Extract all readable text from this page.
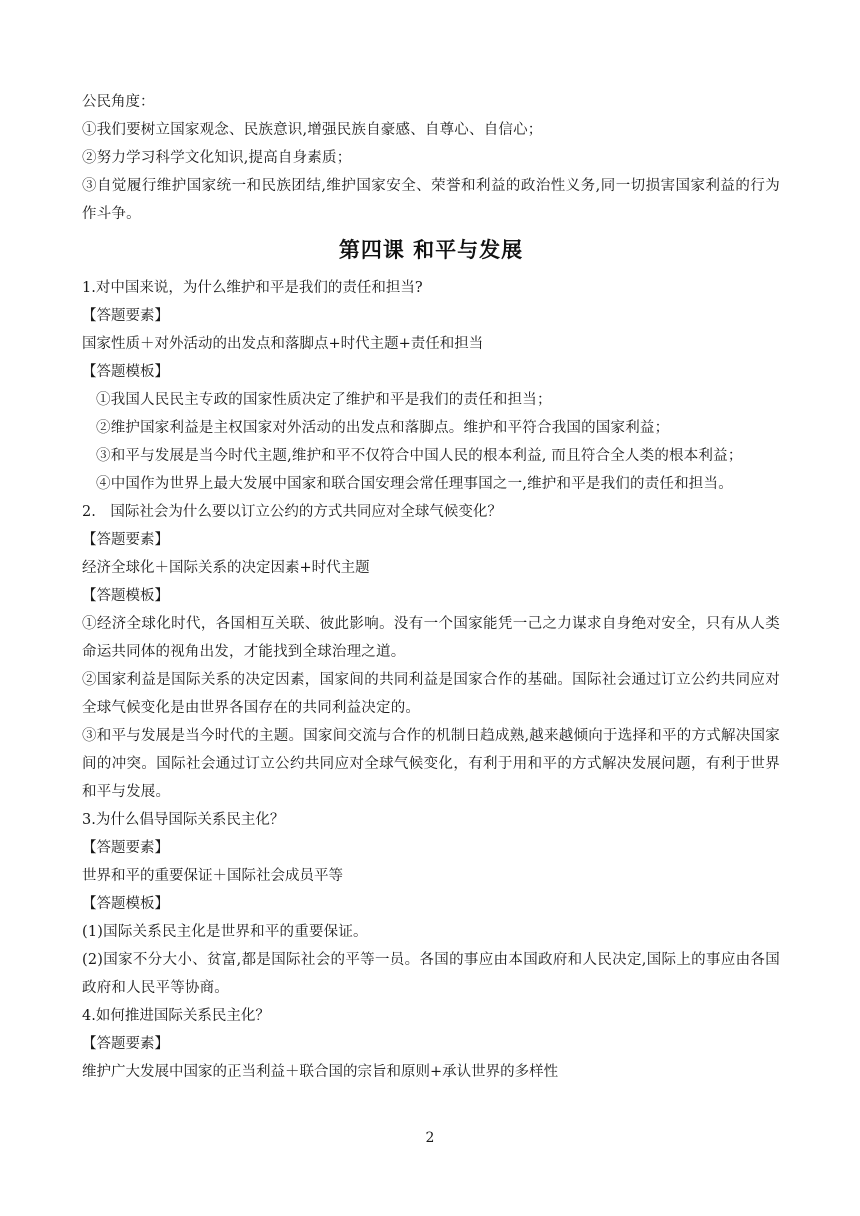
公民角度：

①我们要树立国家观念、民族意识,增强民族自豪感、自尊心、自信心；

②努力学习科学文化知识,提高自身素质；

③自觉履行维护国家统一和民族团结,维护国家安全、荣誉和利益的政治性义务,同一切损害国家利益的行为作斗争。

第四课 和平与发展

1.对中国来说，为什么维护和平是我们的责任和担当?

【答题要素】

国家性质＋对外活动的出发点和落脚点+时代主题+责任和担当

【答题模板】

①我国人民民主专政的国家性质决定了维护和平是我们的责任和担当；

②维护国家利益是主权国家对外活动的出发点和落脚点。维护和平符合我国的国家利益；

③和平与发展是当今时代主题,维护和平不仅符合中国人民的根本利益, 而且符合全人类的根本利益；

④中国作为世界上最大发展中国家和联合国安理会常任理事国之一,维护和平是我们的责任和担当。

2.　国际社会为什么要以订立公约的方式共同应对全球气候变化？

【答题要素】

经济全球化＋国际关系的决定因素+时代主题

【答题模板】

①经济全球化时代，各国相互关联、彼此影响。没有一个国家能凭一己之力谋求自身绝对安全，只有从人类命运共同体的视角出发，才能找到全球治理之道。

②国家利益是国际关系的决定因素，国家间的共同利益是国家合作的基础。国际社会通过订立公约共同应对全球气候变化是由世界各国存在的共同利益决定的。

③和平与发展是当今时代的主题。国家间交流与合作的机制日趋成熟,越来越倾向于选择和平的方式解决国家间的冲突。国际社会通过订立公约共同应对全球气候变化，有利于用和平的方式解决发展问题，有利于世界和平与发展。

3.为什么倡导国际关系民主化？

【答题要素】

世界和平的重要保证＋国际社会成员平等

【答题模板】

(1)国际关系民主化是世界和平的重要保证。

(2)国家不分大小、贫富,都是国际社会的平等一员。各国的事应由本国政府和人民决定,国际上的事应由各国政府和人民平等协商。

4.如何推进国际关系民主化？

【答题要素】

维护广大发展中国家的正当利益＋联合国的宗旨和原则+承认世界的多样性

2
